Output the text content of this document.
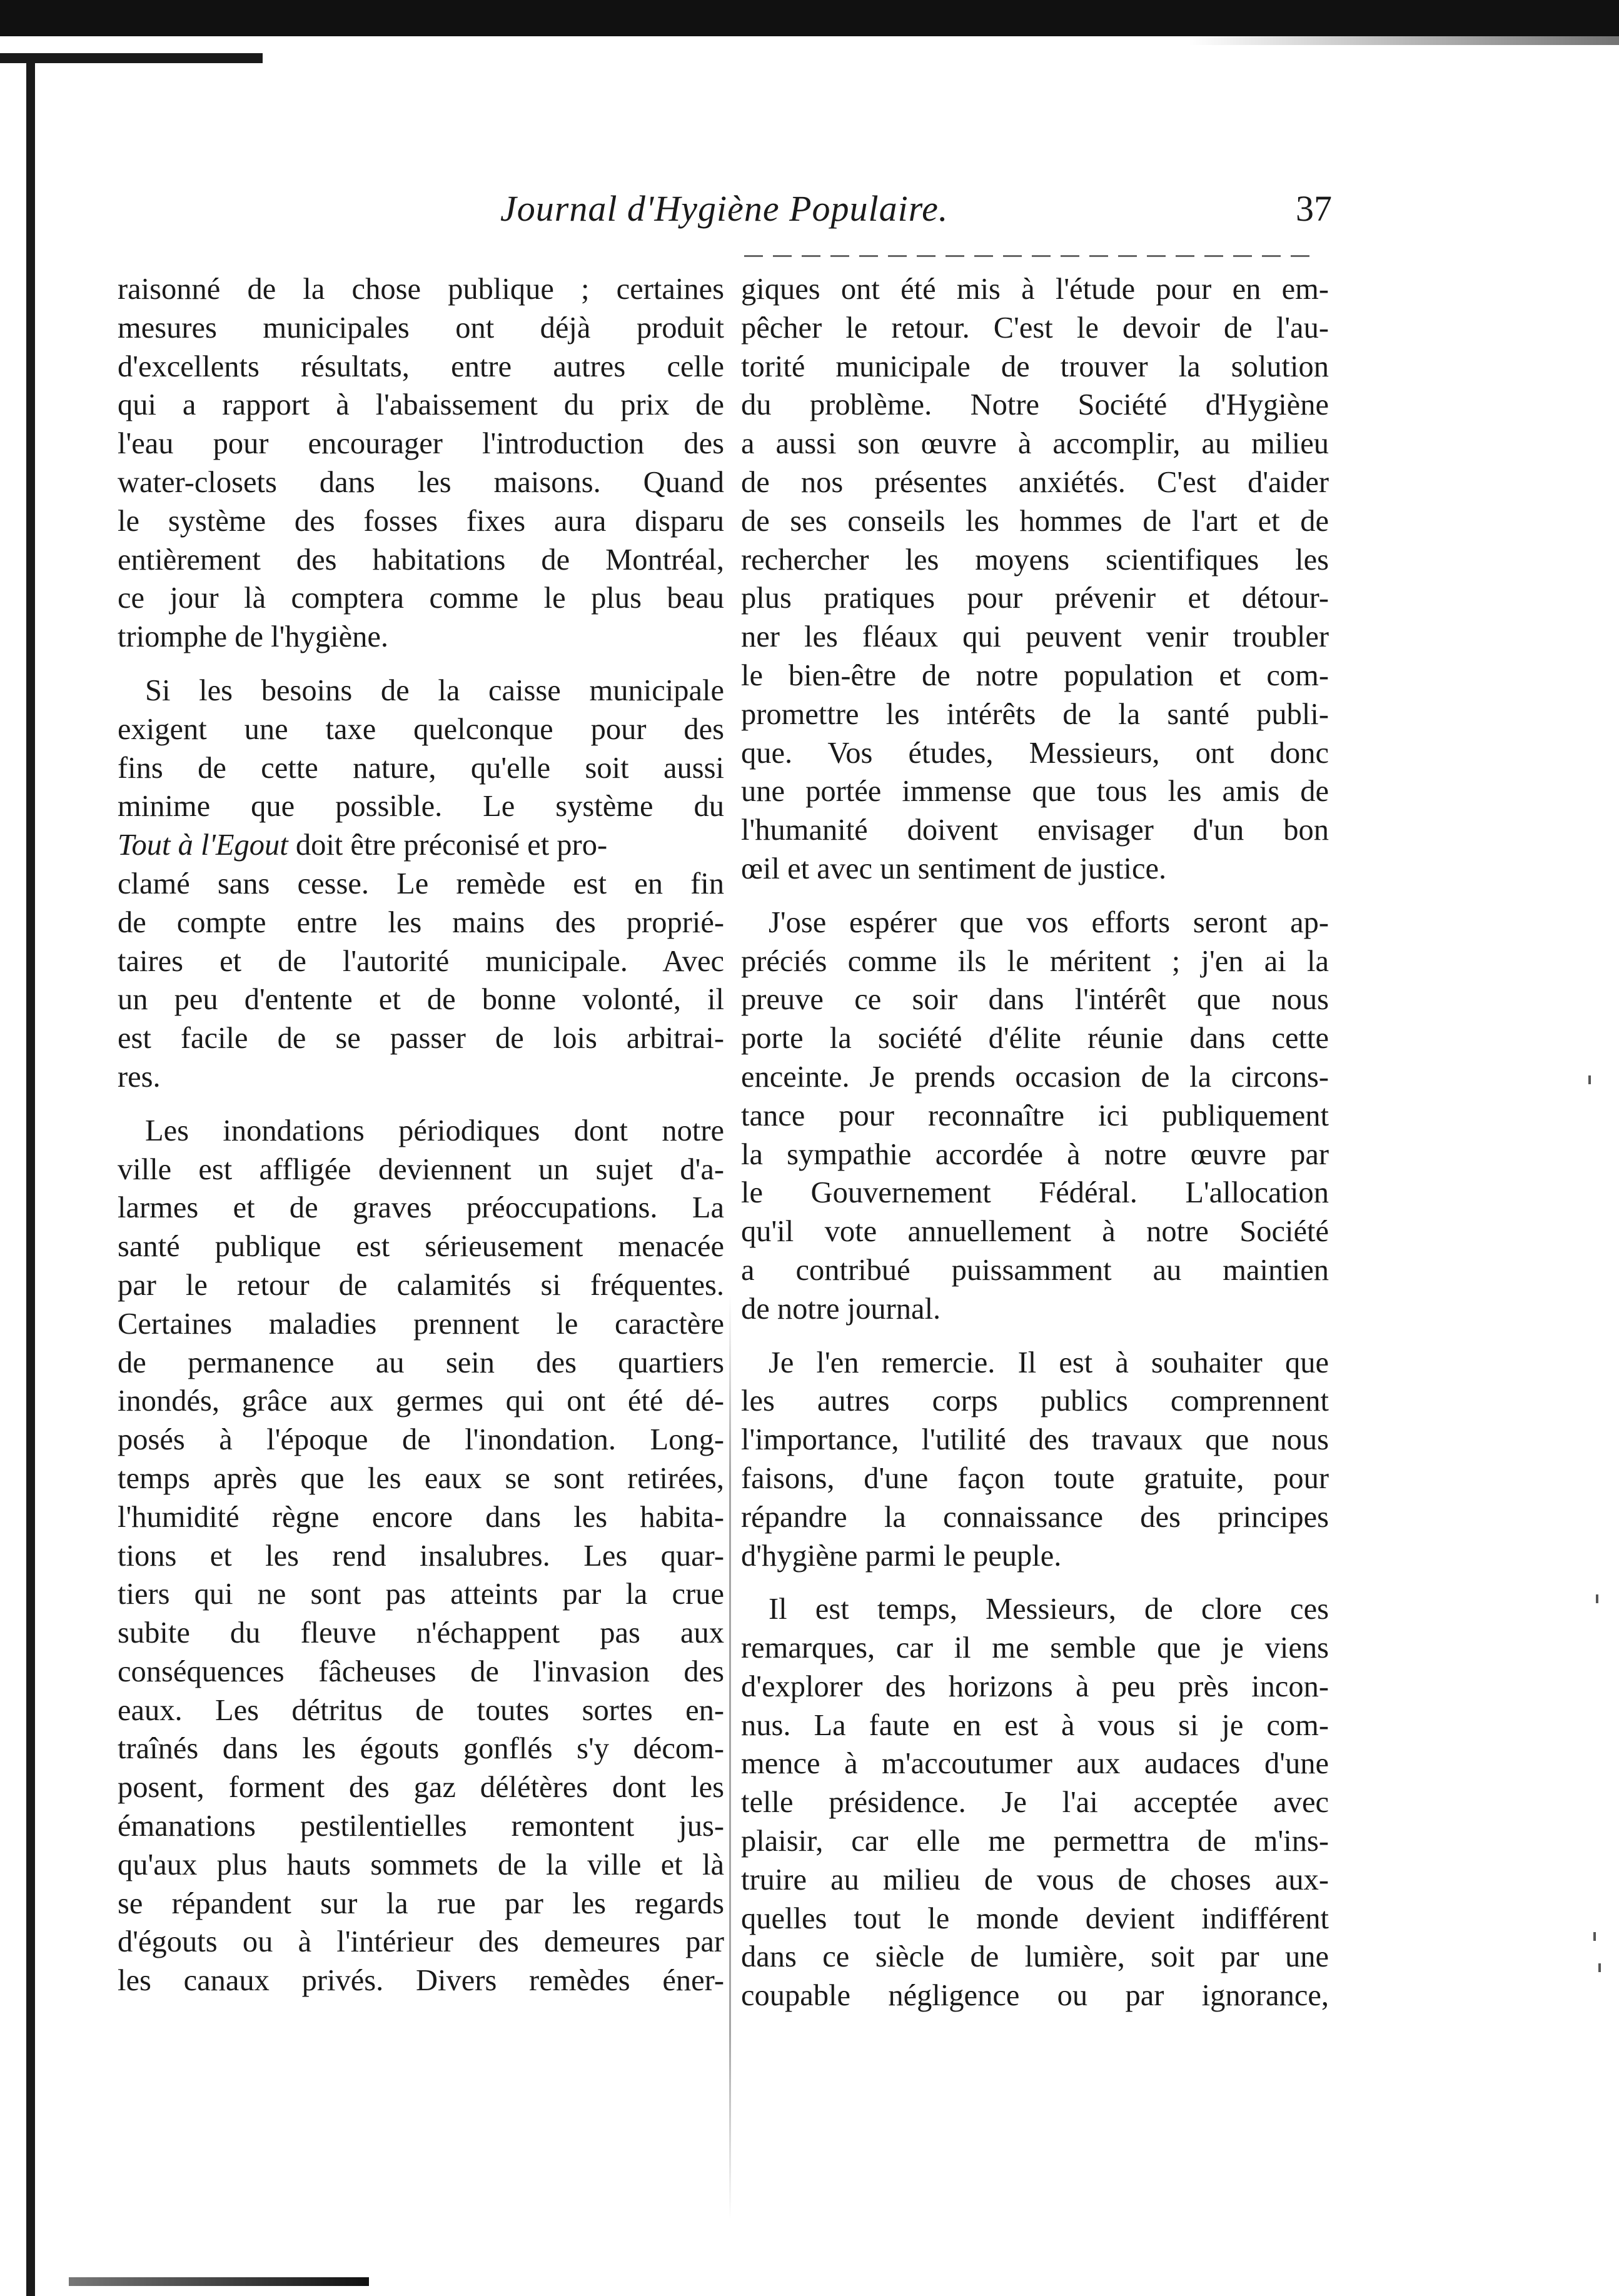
Journal d'Hygiène Populaire.	37
raisonné de la chose publique ; certaines
mesures municipales ont déjà produit
d'excellents résultats, entre autres celle
qui a rapport à l'abaissement du prix de
l'eau pour encourager l'introduction des
water-closets dans les maisons. Quand
le système des fosses fixes aura disparu
entièrement des habitations de Montréal,
ce jour là comptera comme le plus beau
triomphe de l'hygiène.
Si les besoins de la caisse municipale
exigent une taxe quelconque pour des
fins de cette nature, qu'elle soit aussi
minime que possible. Le système du
Tout à l'Egout doit être préconisé et pro-
clamé sans cesse. Le remède est en fin
de compte entre les mains des proprié-
taires et de l'autorité municipale. Avec
un peu d'entente et de bonne volonté, il
est facile de se passer de lois arbitrai-
res.
Les inondations périodiques dont notre
ville est affligée deviennent un sujet d'a-
larmes et de graves préoccupations. La
santé publique est sérieusement menacée
par le retour de calamités si fréquentes.
Certaines maladies prennent le caractère
de permanence au sein des quartiers
inondés, grâce aux germes qui ont été dé-
posés à l'époque de l'inondation. Long-
temps après que les eaux se sont retirées,
l'humidité règne encore dans les habita-
tions et les rend insalubres. Les quar-
tiers qui ne sont pas atteints par la crue
subite du fleuve n'échappent pas aux
conséquences fâcheuses de l'invasion des
eaux. Les détritus de toutes sortes en-
traînés dans les égouts gonflés s'y décom-
posent, forment des gaz délétères dont les
émanations pestilentielles remontent jus-
qu'aux plus hauts sommets de la ville et là
se répandent sur la rue par les regards
d'égouts ou à l'intérieur des demeures par
les canaux privés. Divers remèdes éner-
giques ont été mis à l'étude pour en em-
pêcher le retour. C'est le devoir de l'au-
torité municipale de trouver la solution
du problème. Notre Société d'Hygiène
a aussi son œuvre à accomplir, au milieu
de nos présentes anxiétés. C'est d'aider
de ses conseils les hommes de l'art et de
rechercher les moyens scientifiques les
plus pratiques pour prévenir et détour-
ner les fléaux qui peuvent venir troubler
le bien-être de notre population et com-
promettre les intérêts de la santé publi-
que. Vos études, Messieurs, ont donc
une portée immense que tous les amis de
l'humanité doivent envisager d'un bon
œil et avec un sentiment de justice.
J'ose espérer que vos efforts seront ap-
préciés comme ils le méritent ; j'en ai la
preuve ce soir dans l'intérêt que nous
porte la société d'élite réunie dans cette
enceinte. Je prends occasion de la circons-
tance pour reconnaître ici publiquement
la sympathie accordée à notre œuvre par
le Gouvernement Fédéral. L'allocation
qu'il vote annuellement à notre Société
a contribué puissamment au maintien
de notre journal.
Je l'en remercie. Il est à souhaiter que
les autres corps publics comprennent
l'importance, l'utilité des travaux que nous
faisons, d'une façon toute gratuite, pour
répandre la connaissance des principes
d'hygiène parmi le peuple.
Il est temps, Messieurs, de clore ces
remarques, car il me semble que je viens
d'explorer des horizons à peu près incon-
nus. La faute en est à vous si je com-
mence à m'accoutumer aux audaces d'une
telle présidence. Je l'ai acceptée avec
plaisir, car elle me permettra de m'ins-
truire au milieu de vous de choses aux-
quelles tout le monde devient indifférent
dans ce siècle de lumière, soit par une
coupable négligence ou par ignorance,
